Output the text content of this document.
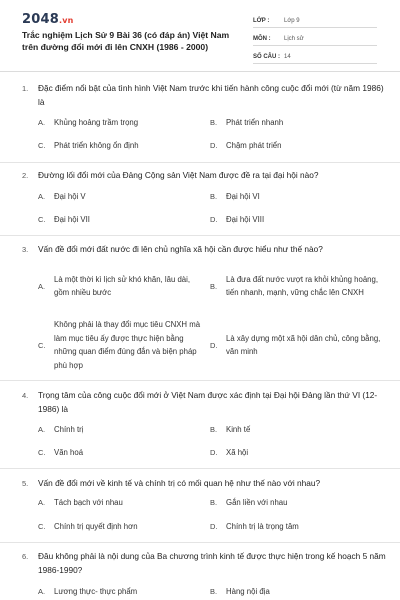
2048.vn
Trắc nghiệm Lịch Sử 9 Bài 36 (có đáp án) Việt Nam trên đường đổi mới đi lên CNXH (1986 - 2000)
LỚP :	Lớp 9
MÔN :	Lịch sử
SỐ CÂU : 14
1. Đặc điểm nổi bật của tình hình Việt Nam trước khi tiến hành công cuộc đổi mới (từ năm 1986) là
A.	Khủng hoảng trầm trọng	B.	Phát triển nhanh
C.	Phát triển không ổn định	D.	Chậm phát triển
2. Đường lối đổi mới của Đảng Cộng sản Việt Nam được đề ra tại đại hội nào?
A.	Đại hội V	B.	Đại hội VI
C.	Đại hội VII	D.	Đại hội VIII
3. Vấn đề đổi mới đất nước đi lên chủ nghĩa xã hội cần được hiểu như thế nào?
A.
Là một thời kì lịch sử khó khăn, lâu dài, gồm nhiều bước
B.
Là đưa đất nước vượt ra khỏi khủng hoảng, tiến nhanh, mạnh, vững chắc lên CNXH
C.
Không phải là thay đổi mục tiêu CNXH mà làm mục tiêu ấy được thực hiện bằng những quan điểm đúng đắn và biện pháp phù hợp
D.
Là xây dựng một xã hội dân chủ, công bằng, văn minh
4. Trọng tâm của công cuộc đổi mới ở Việt Nam được xác định tại Đại hội Đảng lần thứ VI (12-1986) là
A.	Chính trị	B.	Kinh tế
C.	Văn hoá	D.	Xã hội
5. Vấn đề đổi mới về kinh tế và chính trị có mối quan hệ như thế nào với nhau?
A.	Tách bạch với nhau	B.	Gắn liền với nhau
C.	Chính trị quyết định hơn	D.	Chính trị là trọng tâm
6. Đâu không phải là nội dung của Ba chương trình kinh tế được thực hiện trong kế hoạch 5 năm 1986-1990?
A.	Lương thực- thực phẩm	B.	Hàng nội địa
